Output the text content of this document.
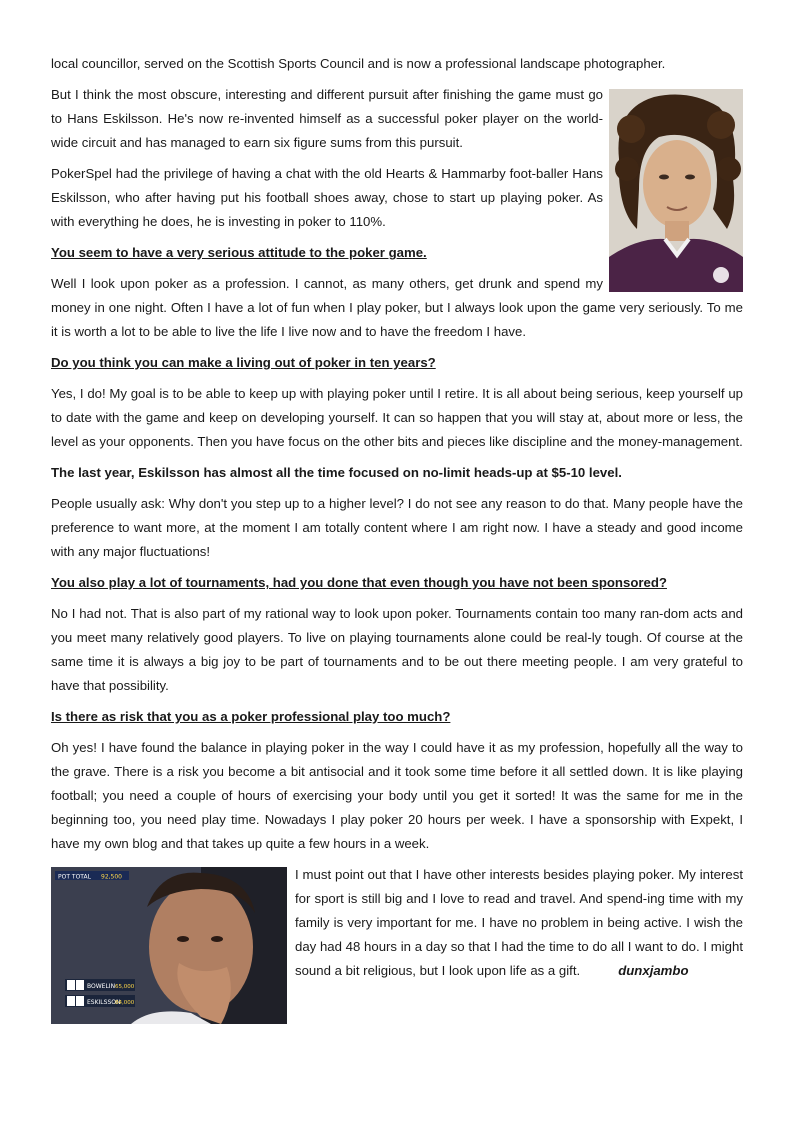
local councillor, served on the Scottish Sports Council and is now a professional landscape photographer.

But I think the most obscure, interesting and different pursuit after finishing the game must go to Hans Eskilsson. He's now re-invented himself as a successful poker player on the world-wide circuit and has managed to earn six figure sums from this pursuit.

PokerSpel had the privilege of having a chat with the old Hearts & Hammarby foot-baller Hans Eskilsson, who after having put his football shoes away, chose to start up playing poker. As with everything he does, he is investing in poker to 110%.

You seem to have a very serious attitude to the poker game.

Well I look upon poker as a profession. I cannot, as many others, get drunk and spend my money in one night. Often I have a lot of fun when I play poker, but I always look upon the game very seriously. To me it is worth a lot to be able to live the life I live now and to have the freedom I have.

Do you think you can make a living out of poker in ten years?

Yes, I do! My goal is to be able to keep up with playing poker until I retire. It is all about being serious, keep yourself up to date with the game and keep on developing yourself. It can so happen that you will stay at, about more or less, the level as your opponents. Then you have focus on the other bits and pieces like discipline and the money-management.

The last year, Eskilsson has almost all the time focused on no-limit heads-up at $5-10 level.

People usually ask: Why don't you step up to a higher level? I do not see any reason to do that. Many people have the preference to want more, at the moment I am totally content where I am right now. I have a steady and good income with any major fluctuations!

You also play a lot of tournaments, had you done that even though you have not been sponsored?

No I had not. That is also part of my rational way to look upon poker. Tournaments contain too many ran-dom acts and you meet many relatively good players. To live on playing tournaments alone could be real-ly tough. Of course at the same time it is always a big joy to be part of tournaments and to be out there meeting people. I am very grateful to have that possibility.

Is there as risk that you as a poker professional play too much?

Oh yes! I have found the balance in playing poker in the way I could have it as my profession, hopefully all the way to the grave. There is a risk you become a bit antisocial and it took some time before it all settled down. It is like playing football; you need a couple of hours of exercising your body until you get it sorted! It was the same for me in the beginning too, you need play time. Nowadays I play poker 20 hours per week. I have a sponsorship with Expekt, I have my own blog and that takes up quite a few hours in a week.

POT TOTAL 92,500
BOWELIN 65,000
ESKILSSON
84,000

I must point out that I have other interests besides playing poker. My interest for sport is still big and I love to read and travel. And spend-ing time with my family is very important for me. I have no problem in being active. I wish the day had 48 hours in a day so that I had the time to do all I want to do. I might sound a bit religious, but I look upon life as a gift.	dunxjambo
